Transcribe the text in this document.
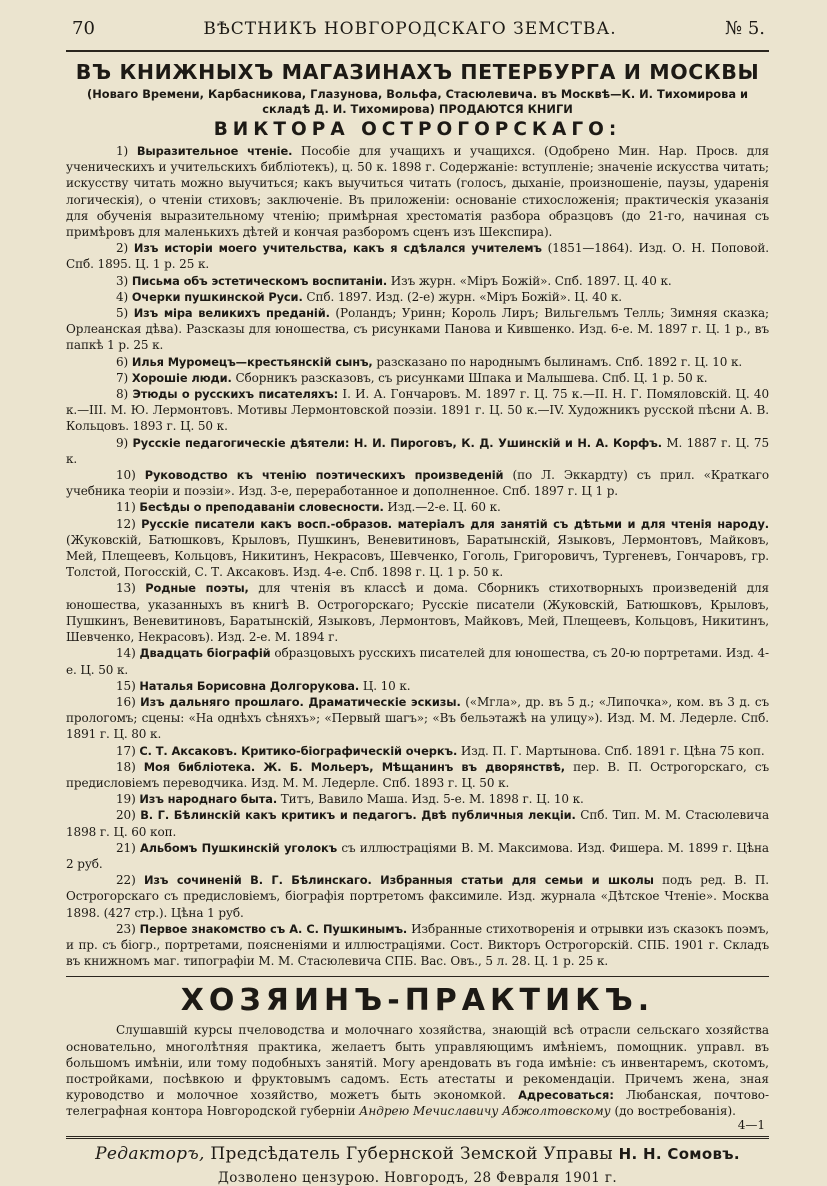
70	ВѢСТНИКЪ НОВГОРОДСКАГО ЗЕМСТВА.	№ 5.
ВЪ КНИЖНЫХЪ МАГАЗИНАХЪ ПЕТЕРБУРГА И МОСКВЫ
(Новаго Времени, Карбасникова, Глазунова, Вольфа, Стасюлевича. въ Москвѣ—К. И. Тихомирова и складѣ Д. И. Тихомирова) ПРОДАЮТСЯ КНИГИ
ВИКТОРА ОСТРОГОРСКАГО:

1) Выразительное чтеніе. Пособіе для учащихъ и учащихся. (Одобрено Мин. Нар. Просв. для ученическихъ и учительскихъ библіотекъ), ц. 50 к. 1898 г. Содержаніе: вступленіе; значеніе искусства читать; искусству читать можно выучиться; какъ выучиться читать (голосъ, дыханіе, произношеніе, паузы, ударенія логическія), о чтеніи стиховъ; заключеніе. Въ приложеніи: основаніе стихосложенія; практическія указанія для обученія выразительному чтенію; примѣрная хрестоматія разбора образцовъ (до 21-го, начиная съ примѣровъ для маленькихъ дѣтей и кончая разборомъ сценъ изъ Шекспира).

2) Изъ исторіи моего учительства, какъ я сдѣлался учителемъ (1851—1864). Изд. О. Н. Поповой. Спб. 1895. Ц. 1 р. 25 к.

3) Письма объ эстетическомъ воспитаніи. Изъ журн. «Міръ Божій». Спб. 1897. Ц. 40 к.

4) Очерки пушкинской Руси. Спб. 1897. Изд. (2-е) журн. «Міръ Божій». Ц. 40 к.

5) Изъ міра великихъ преданій. (Роландъ; Уринн; Король Лиръ; Вильгельмъ Телль; Зимняя сказка; Орлеанская дѣва). Разсказы для юношества, съ рисунками Панова и Кившенко. Изд. 6-е. М. 1897 г. Ц. 1 р., въ папкѣ 1 р. 25 к.

6) Илья Муромецъ—крестьянскій сынъ, разсказано по народнымъ былинамъ. Спб. 1892 г. Ц. 10 к.

7) Хорошіе люди. Сборникъ разсказовъ, съ рисунками Шпака и Малышева. Спб. Ц. 1 р. 50 к.

8) Этюды о русскихъ писателяхъ: I. И. А. Гончаровъ. М. 1897 г. Ц. 75 к.—II. Н. Г. Помяловскій. Ц. 40 к.—III. М. Ю. Лермонтовъ. Мотивы Лермонтовской поэзіи. 1891 г. Ц. 50 к.—IV. Художникъ русской пѣсни А. В. Кольцовъ. 1893 г. Ц. 50 к.

9) Русскіе педагогическіе дѣятели: Н. И. Пироговъ, К. Д. Ушинскій и Н. А. Корфъ. М. 1887 г. Ц. 75 к.

10) Руководство къ чтенію поэтическихъ произведеній (по Л. Эккардту) съ прил. «Краткаго учебника теоріи и поэзіи». Изд. 3-е, переработанное и дополненное. Спб. 1897 г. Ц 1 р.

11) Бесѣды о преподаваніи словесности. Изд.—2-е. Ц. 60 к.

12) Русскіе писатели какъ восп.-образов. матеріалъ для занятій съ дѣтьми и для чтенія народу. (Жуковскій, Батюшковъ, Крыловъ, Пушкинъ, Веневитиновъ, Баратынскій, Языковъ, Лермонтовъ, Майковъ, Мей, Плещеевъ, Кольцовъ, Никитинъ, Некрасовъ, Шевченко, Гоголь, Григоровичъ, Тургеневъ, Гончаровъ, гр. Толстой, Погосскій, С. Т. Аксаковъ. Изд. 4-е. Спб. 1898 г. Ц. 1 р. 50 к.

13) Родные поэты, для чтенія въ классѣ и дома. Сборникъ стихотворныхъ произведеній для юношества, указанныхъ въ книгѣ В. Острогорскаго; Русскіе писатели (Жуковскій, Батюшковъ, Крыловъ, Пушкинъ, Веневитиновъ, Баратынскій, Языковъ, Лермонтовъ, Майковъ, Мей, Плещеевъ, Кольцовъ, Никитинъ, Шевченко, Некрасовъ). Изд. 2-е. М. 1894 г.

14) Двадцать біографій образцовыхъ русскихъ писателей для юношества, съ 20-ю портретами. Изд. 4-е. Ц. 50 к.

15) Наталья Борисовна Долгорукова. Ц. 10 к.

16) Изъ дальняго прошлаго. Драматическіе эскизы. («Мгла», др. въ 5 д.; «Липочка», ком. въ 3 д. съ прологомъ; сцены: «На однѣхъ сѣняхъ»; «Первый шагъ»; «Въ бельэтажѣ на улицу»). Изд. М. М. Ледерле. Спб. 1891 г. Ц. 80 к.

17) С. Т. Аксаковъ. Критико-біографическій очеркъ. Изд. П. Г. Мартынова. Спб. 1891 г. Цѣна 75 коп.

18) Моя библіотека. Ж. Б. Мольеръ, Мѣщанинъ въ дворянствѣ, пер. В. П. Острогорскаго, съ предисловіемъ переводчика. Изд. М. М. Ледерле. Спб. 1893 г. Ц. 50 к.

19) Изъ народнаго быта. Титъ, Вавило Маша. Изд. 5-е. М. 1898 г. Ц. 10 к.

20) В. Г. Бѣлинскій какъ критикъ и педагогъ. Двѣ публичныя лекціи. Спб. Тип. М. М. Стасюлевича 1898 г. Ц. 60 коп.

21) Альбомъ Пушкинскій уголокъ съ иллюстраціями В. М. Максимова. Изд. Фишера. М. 1899 г. Цѣна 2 руб.

22) Изъ сочиненій В. Г. Бѣлинскаго. Избранныя статьи для семьи и школы подъ ред. В. П. Острогорскаго съ предисловіемъ, біографія портретомъ факсимиле. Изд. журнала «Дѣтское Чтеніе». Москва 1898. (427 стр.). Цѣна 1 руб.

23) Первое знакомство съ А. С. Пушкинымъ. Избранные стихотворенія и отрывки изъ сказокъ поэмъ, и пр. съ біогр., портретами, поясненіями и иллюстраціями. Сост. Викторъ Острогорскій. СПБ. 1901 г. Складъ въ книжномъ маг. типографіи М. М. Стасюлевича СПБ. Вас. Овъ., 5 л. 28. Ц. 1 р. 25 к.

ХОЗЯИНЪ-ПРАКТИКЪ.

Слушавшій курсы пчеловодства и молочнаго хозяйства, знающій всѣ отрасли сельскаго хозяйства основательно, многолѣтняя практика, желаетъ быть управляющимъ имѣніемъ, помощник. управл. въ большомъ имѣніи, или тому подобныхъ занятій. Могу арендовать въ года имѣніе: съ инвентаремъ, скотомъ, постройками, посѣвкою и фруктовымъ садомъ. Есть атестаты и рекомендаціи. Причемъ жена, зная куроводство и молочное хозяйство, можетъ быть экономкой. Адресоваться: Любанская, почтово-телеграфная контора Новгородской губерніи Андрею Мечиславичу Абжолтовскому (до востребованія).

4—1
Редакторъ, Предсѣдатель Губернской Земской Управы Н. Н. Сомовъ.
Дозволено цензурою. Новгородъ, 28 Февраля 1901 г.
